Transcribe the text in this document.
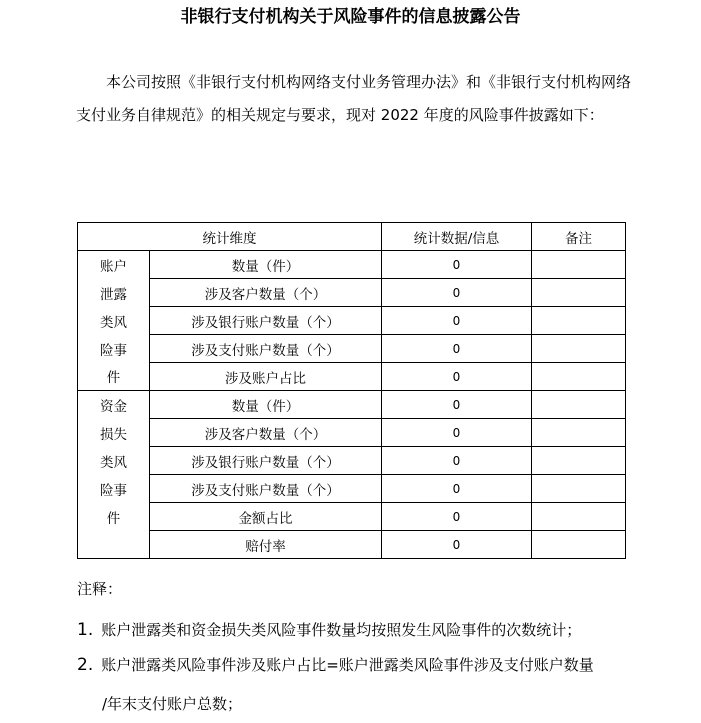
非银行支付机构关于风险事件的信息披露公告

本公司按照《非银行支付机构网络支付业务管理办法》和《非银行支付机构网络支付业务自律规范》的相关规定与要求，现对 2022 年度的风险事件披露如下：

统计维度		统计数据/信息	备注
账户	数量（件）	0	
泄露	涉及客户数量（个）	0	
类风	涉及银行账户数量（个）	0	
险事	涉及支付账户数量（个）	0	
件	涉及账户占比	0	
资金	数量（件）	0	
损失	涉及客户数量（个）	0	
类风	涉及银行账户数量（个）	0	
险事	涉及支付账户数量（个）	0	
件	金额占比	0	
	赔付率	0	
注释：
1. 账户泄露类和资金损失类风险事件数量均按照发生风险事件的次数统计；
2. 账户泄露类风险事件涉及账户占比=账户泄露类风险事件涉及支付账户数量
/年末支付账户总数；
